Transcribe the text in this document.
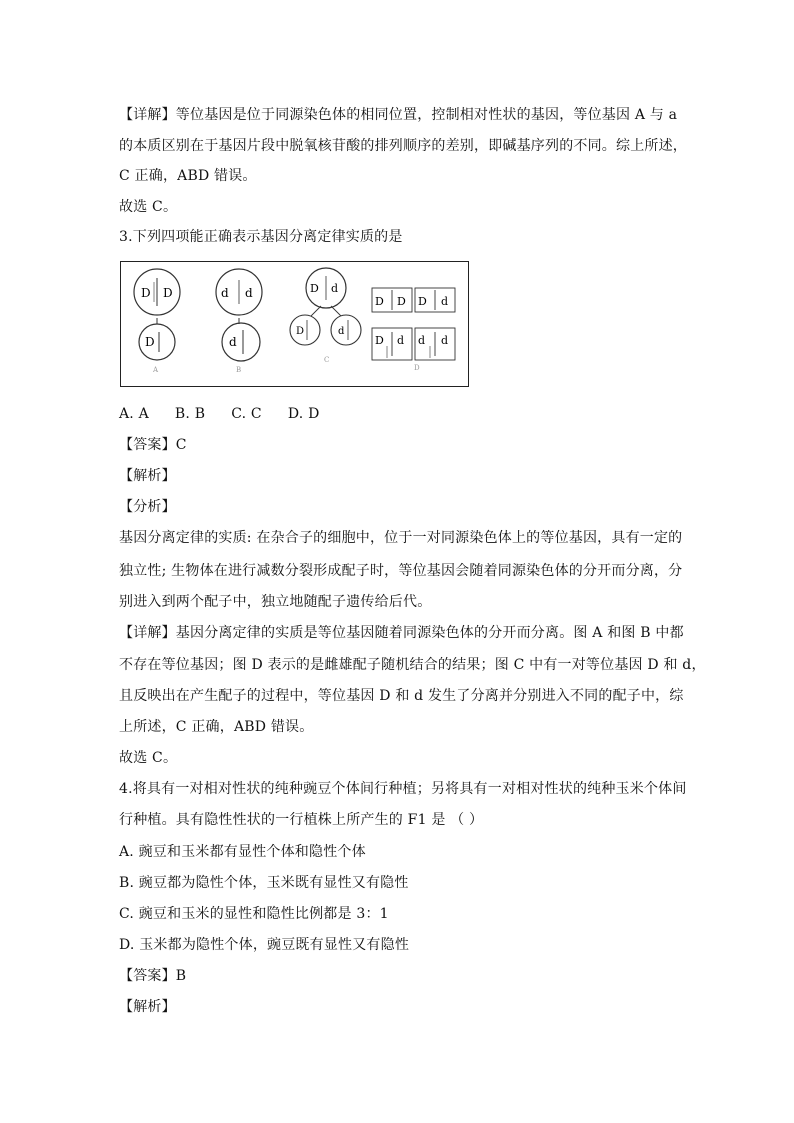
【详解】等位基因是位于同源染色体的相同位置，控制相对性状的基因，等位基因 A 与 a
的本质区别在于基因片段中脱氧核苷酸的排列顺序的差别，即碱基序列的不同。综上所述，
C 正确，ABD 错误。
故选 C。
3.下列四项能正确表示基因分离定律实质的是
D D
D
A
d d
d
B
D d
D	d
C
D D D d
D d d d
D
A. A B. B C. C D. D
【答案】C
【解析】
【分析】
基因分离定律的实质: 在杂合子的细胞中，位于一对同源染色体上的等位基因，具有一定的
独立性; 生物体在进行减数分裂形成配子时，等位基因会随着同源染色体的分开而分离，分
别进入到两个配子中，独立地随配子遗传给后代。
【详解】基因分离定律的实质是等位基因随着同源染色体的分开而分离。图 A 和图 B 中都
不存在等位基因；图 D 表示的是雌雄配子随机结合的结果；图 C 中有一对等位基因 D 和 d，
且反映出在产生配子的过程中，等位基因 D 和 d 发生了分离并分别进入不同的配子中，综
上所述，C 正确，ABD 错误。
故选 C。
4.将具有一对相对性状的纯种豌豆个体间行种植；另将具有一对相对性状的纯种玉米个体间
行种植。具有隐性性状的一行植株上所产生的 F1 是 （ ）
A. 豌豆和玉米都有显性个体和隐性个体
B. 豌豆都为隐性个体，玉米既有显性又有隐性
C. 豌豆和玉米的显性和隐性比例都是 3：1
D. 玉米都为隐性个体，豌豆既有显性又有隐性
【答案】B
【解析】
